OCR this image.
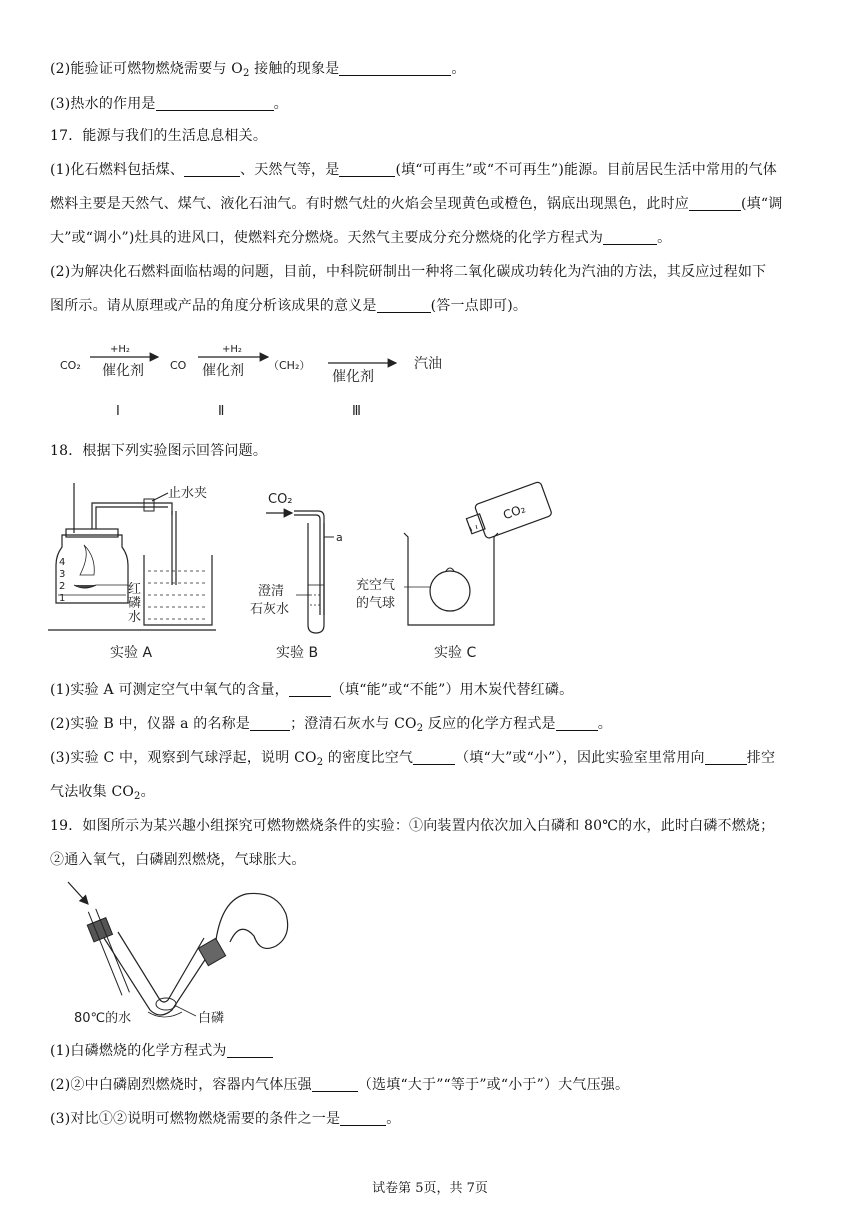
(2)能验证可燃物燃烧需要与 $O_2$ 接触的现象是	。
(3)热水的作用是	。
17．能源与我们的生活息息相关。
(1)化石燃料包括煤、	、天然气等，是	(填“可再生”或“不可再生”)能源。目前居民生活中常用的气体
燃料主要是天然气、煤气、液化石油气。有时燃气灶的火焰会呈现黄色或橙色，锅底出现黑色，此时应	(填“调
大”或“调小”)灶具的进风口，使燃料充分燃烧。天然气主要成分充分燃烧的化学方程式为	。
(2)为解决化石燃料面临枯竭的问题，目前，中科院研制出一种将二氧化碳成功转化为汽油的方法，其反应过程如下
图所示。请从原理或产品的角度分析该成果的意义是	(答一点即可)。
CO₂
+H₂
催化剂 CO
+H₂
催化剂 （CH₂）
催化剂
汽油
Ⅰ	Ⅱ	Ⅲ
18．根据下列实验图示回答问题。
止水夹
4
3
2
1
红
磷
水
实验 A
CO₂
a
澄清
石灰水
实验 B
充空气
的气球
CO₂
实验 C
(1)实验 A 可测定空气中氧气的含量，	（填“能”或“不能”）用木炭代替红磷。
(2)实验 B 中，仪器 a 的名称是	；澄清石灰水与 $CO_2$ 反应的化学方程式是	。
(3)实验 C 中，观察到气球浮起，说明 $CO_2$ 的密度比空气	（填“大”或“小”），因此实验室里常用向	排空
气法收集 $CO_2$。
19．如图所示为某兴趣小组探究可燃物燃烧条件的实验：①向装置内依次加入白磷和 80℃的水，此时白磷不燃烧；
②通入氧气，白磷剧烈燃烧，气球胀大。
80℃的水	白磷
(1)白磷燃烧的化学方程式为
(2)②中白磷剧烈燃烧时，容器内气体压强	（选填“大于”“等于”或“小于”）大气压强。
(3)对比①②说明可燃物燃烧需要的条件之一是	。
试卷第 5页，共 7页
